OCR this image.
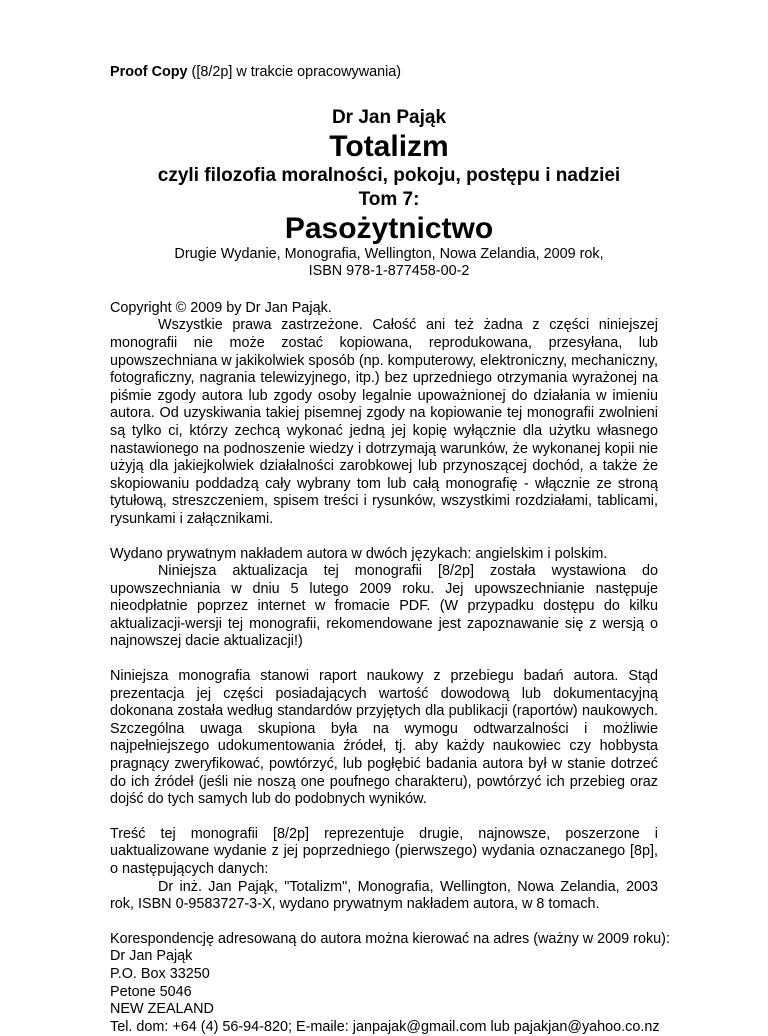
Proof Copy ([8/2p] w trakcie opracowywania)
Dr Jan Pająk
Totalizm
czyli filozofia moralności, pokoju, postępu i nadziei
Tom 7:
Pasożytnictwo
Drugie Wydanie, Monografia, Wellington, Nowa Zelandia, 2009 rok,
ISBN 978-1-877458-00-2

Copyright © 2009 by Dr Jan Pająk.

Wszystkie prawa zastrzeżone. Całość ani też żadna z części niniejszej monografii nie może zostać kopiowana, reprodukowana, przesyłana, lub upowszechniana w jakikolwiek sposób (np. komputerowy, elektroniczny, mechaniczny, fotograficzny, nagrania telewizyjnego, itp.) bez uprzedniego otrzymania wyrażonej na piśmie zgody autora lub zgody osoby legalnie upoważnionej do działania w imieniu autora. Od uzyskiwania takiej pisemnej zgody na kopiowanie tej monografii zwolnieni są tylko ci, którzy zechcą wykonać jedną jej kopię wyłącznie dla użytku własnego nastawionego na podnoszenie wiedzy i dotrzymają warunków, że wykonanej kopii nie użyją dla jakiejkolwiek działalności zarobkowej lub przynoszącej dochód, a także że skopiowaniu poddadzą cały wybrany tom lub całą monografię - włącznie ze stroną tytułową, streszczeniem, spisem treści i rysunków, wszystkimi rozdziałami, tablicami, rysunkami i załącznikami.

Wydano prywatnym nakładem autora w dwóch językach: angielskim i polskim.

Niniejsza aktualizacja tej monografii [8/2p] została wystawiona do upowszechniania w dniu 5 lutego 2009 roku. Jej upowszechnianie następuje nieodpłatnie poprzez internet w fromacie PDF. (W przypadku dostępu do kilku aktualizacji-wersji tej monografii, rekomendowane jest zapoznawanie się z wersją o najnowszej dacie aktualizacji!)

Niniejsza monografia stanowi raport naukowy z przebiegu badań autora. Stąd prezentacja jej części posiadających wartość dowodową lub dokumentacyjną dokonana została według standardów przyjętych dla publikacji (raportów) naukowych. Szczególna uwaga skupiona była na wymogu odtwarzalności i możliwie najpełniejszego udokumentowania źródeł, tj. aby każdy naukowiec czy hobbysta pragnący zweryfikować, powtórzyć, lub pogłębić badania autora był w stanie dotrzeć do ich źródeł (jeśli nie noszą one poufnego charakteru), powtórzyć ich przebieg oraz dojść do tych samych lub do podobnych wyników.

Treść tej monografii [8/2p] reprezentuje drugie, najnowsze, poszerzone i uaktualizowane wydanie z jej poprzedniego (pierwszego) wydania oznaczanego [8p], o następujących danych:

Dr inż. Jan Pająk, "Totalizm", Monografia, Wellington, Nowa Zelandia, 2003 rok, ISBN 0-9583727-3-X, wydano prywatnym nakładem autora, w 8 tomach.

Korespondencję adresowaną do autora można kierować na adres (ważny w 2009 roku):
Dr Jan Pająk
P.O. Box 33250
Petone 5046
NEW ZEALAND
Tel. dom: +64 (4) 56-94-820; E-maile: janpajak@gmail.com lub pajakjan@yahoo.co.nz
